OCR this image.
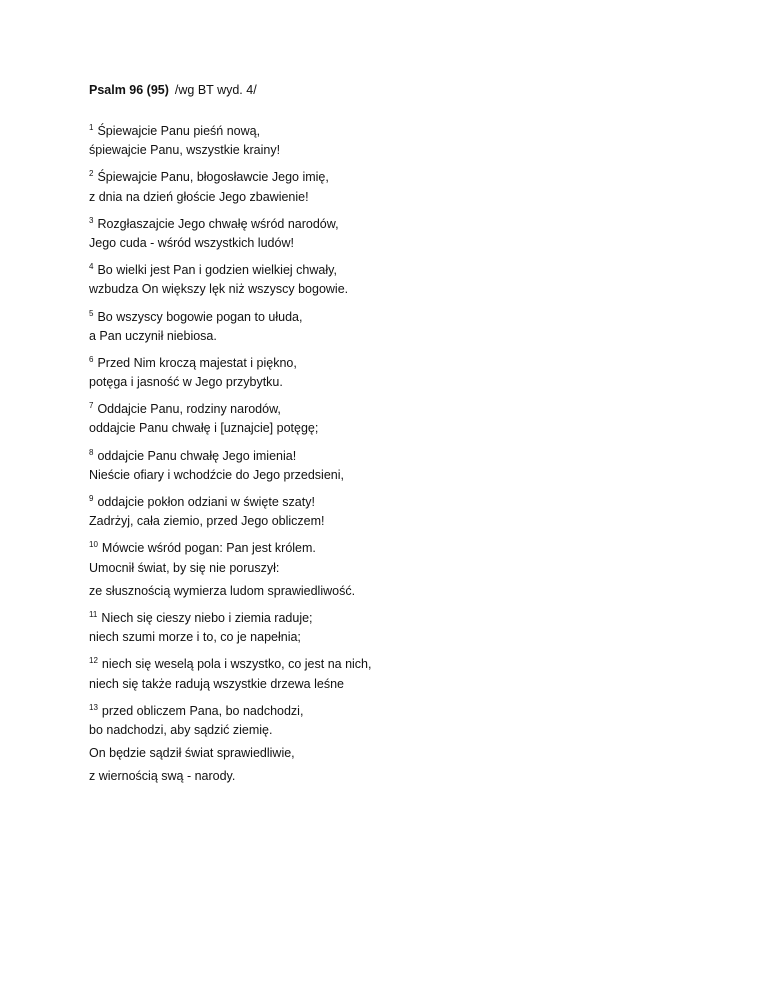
Psalm 96 (95) /wg BT wyd. 4/
$^1$ Śpiewajcie Panu pieśń nową,
śpiewajcie Panu, wszystkie krainy!
$^2$ Śpiewajcie Panu, błogosławcie Jego imię,
z dnia na dzień głoście Jego zbawienie!
$^3$ Rozgłaszajcie Jego chwałę wśród narodów,
Jego cuda - wśród wszystkich ludów!
$^4$ Bo wielki jest Pan i godzien wielkiej chwały,
wzbudza On większy lęk niż wszyscy bogowie.
$^5$ Bo wszyscy bogowie pogan to ułuda,
a Pan uczynił niebiosa.
$^6$ Przed Nim kroczą majestat i piękno,
potęga i jasność w Jego przybytku.
$^7$ Oddajcie Panu, rodziny narodów,
oddajcie Panu chwałę i [uznajcie] potęgę;
$^8$ oddajcie Panu chwałę Jego imienia!
Nieście ofiary i wchodźcie do Jego przedsieni,
$^9$ oddajcie pokłon odziani w święte szaty!
Zadrżyj, cała ziemio, przed Jego obliczem!
$^{10}$ Mówcie wśród pogan: Pan jest królem.
Umocnił świat, by się nie poruszył:
ze słusznością wymierza ludom sprawiedliwość.
$^{11}$ Niech się cieszy niebo i ziemia raduje;
niech szumi morze i to, co je napełnia;
$^{12}$ niech się weselą pola i wszystko, co jest na nich,
niech się także radują wszystkie drzewa leśne
$^{13}$ przed obliczem Pana, bo nadchodzi,
bo nadchodzi, aby sądzić ziemię.
On będzie sądził świat sprawiedliwie,
z wiernością swą - narody.
